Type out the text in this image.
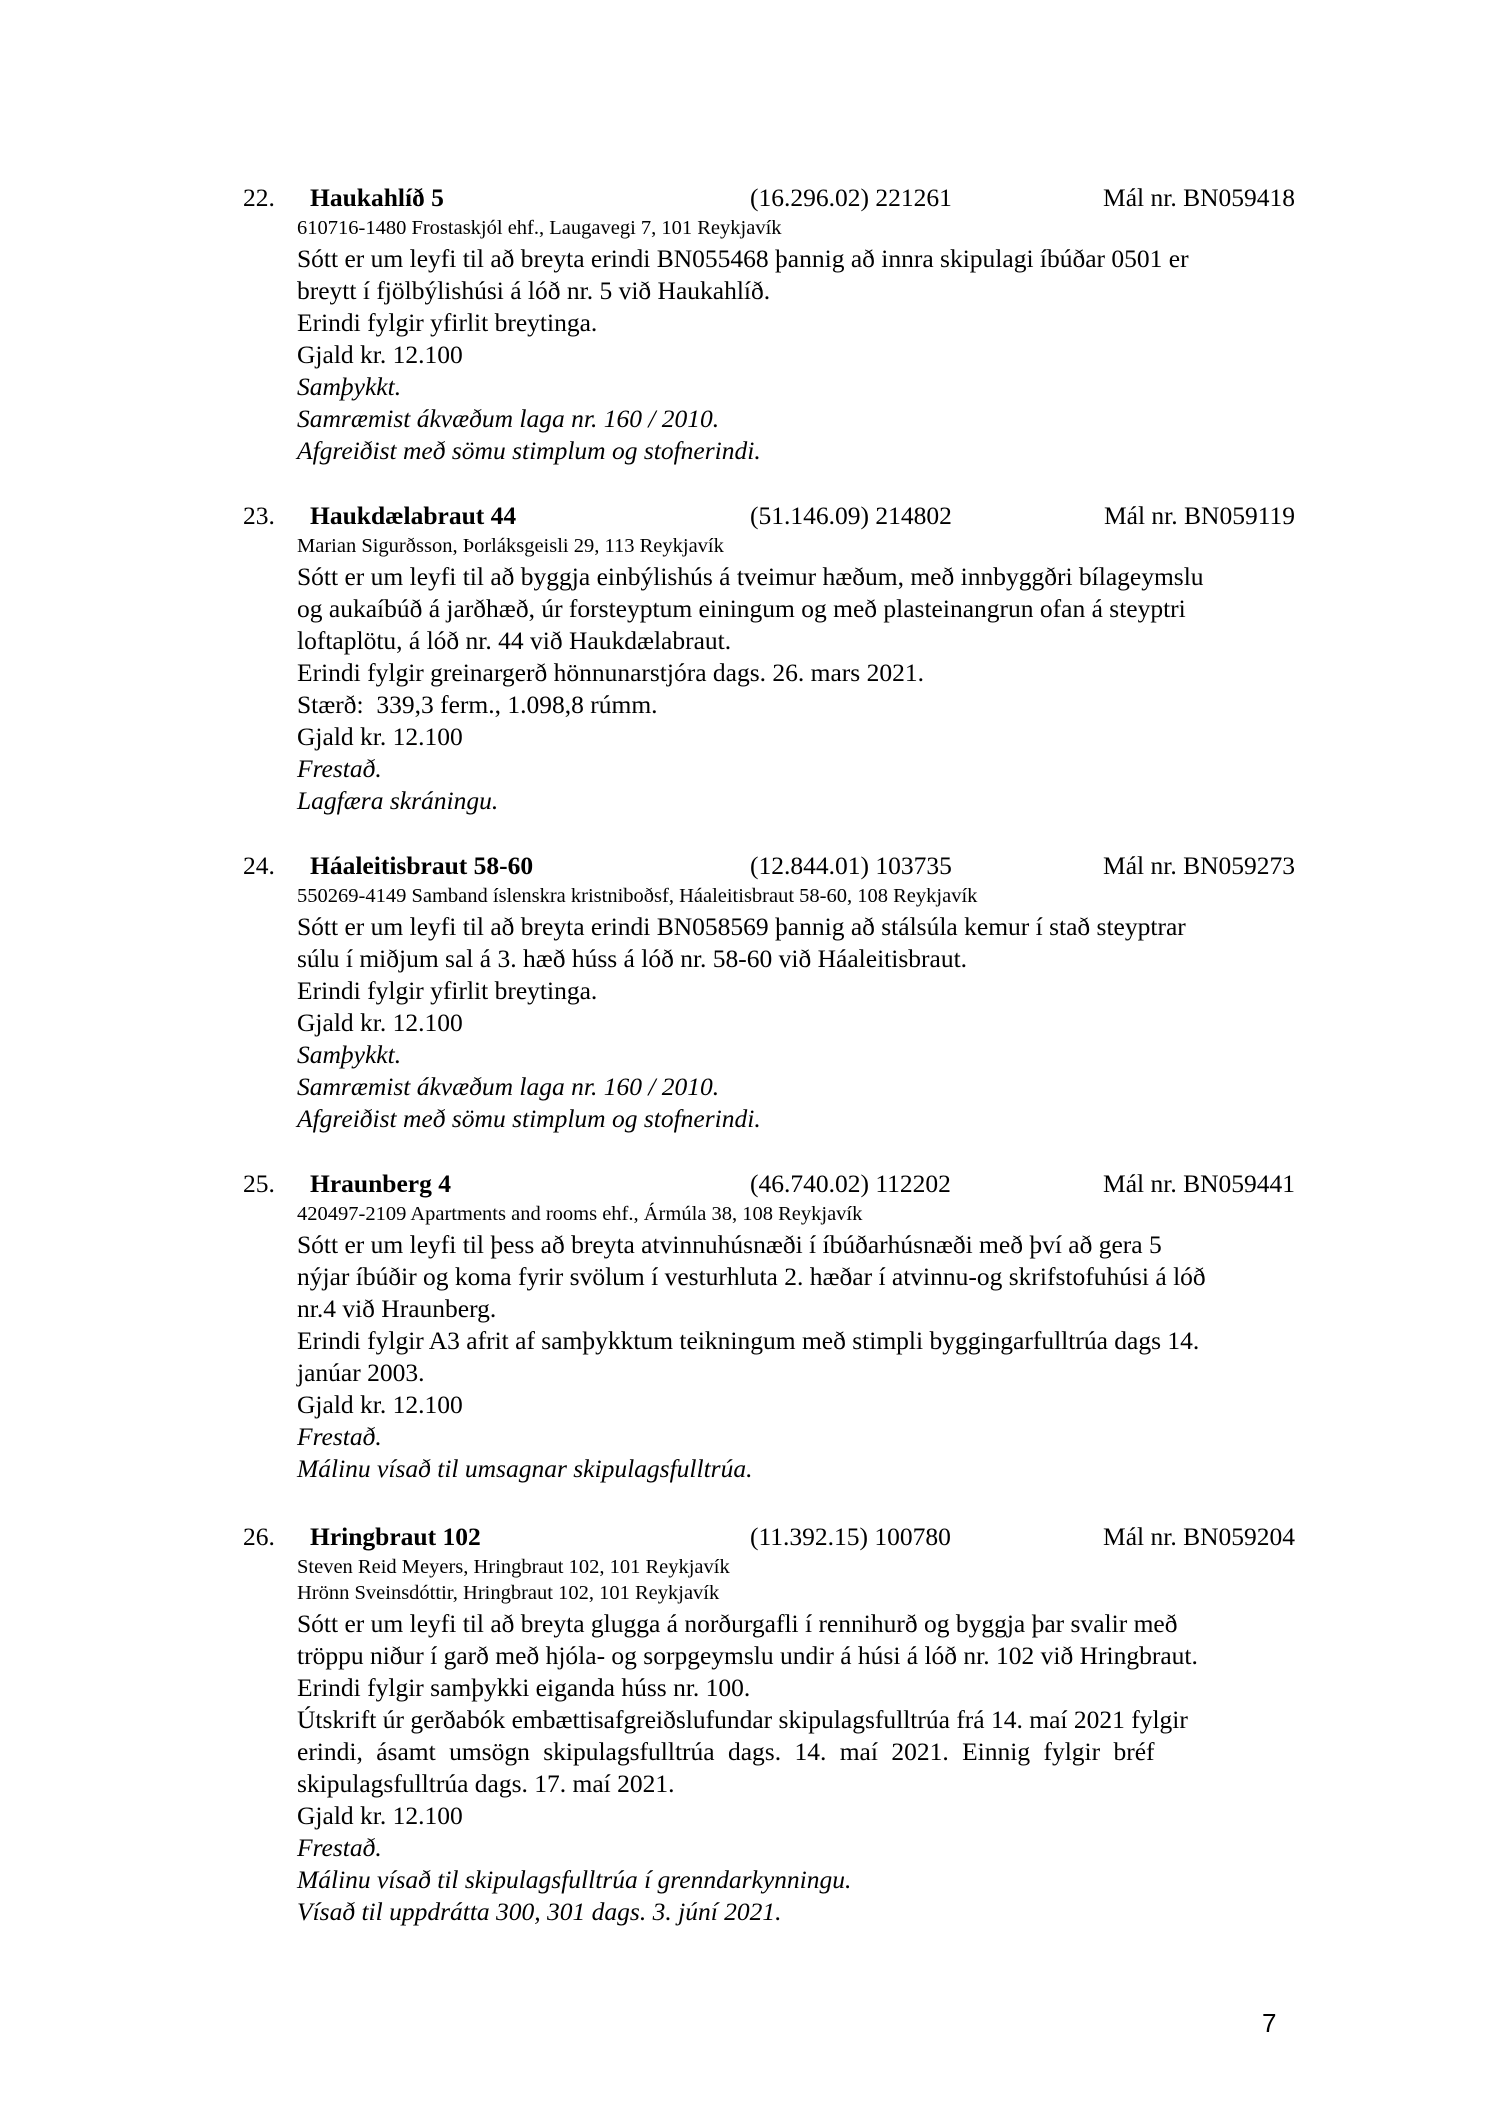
22. Haukahlíð 5	(16.296.02) 221261	Mál nr. BN059418
610716-1480 Frostaskjól ehf., Laugavegi 7, 101 Reykjavík
Sótt er um leyfi til að breyta erindi BN055468 þannig að innra skipulagi íbúðar 0501 er
breytt í fjölbýlishúsi á lóð nr. 5 við Haukahlíð.
Erindi fylgir yfirlit breytinga.
Gjald kr. 12.100
Samþykkt.
Samræmist ákvæðum laga nr. 160 / 2010.
Afgreiðist með sömu stimplum og stofnerindi.
23. Haukdælabraut 44	(51.146.09) 214802	Mál nr. BN059119
Marian Sigurðsson, Þorláksgeisli 29, 113 Reykjavík
Sótt er um leyfi til að byggja einbýlishús á tveimur hæðum, með innbyggðri bílageymslu
og aukaíbúð á jarðhæð, úr forsteyptum einingum og með plasteinangrun ofan á steyptri
loftaplötu, á lóð nr. 44 við Haukdælabraut.
Erindi fylgir greinargerð hönnunarstjóra dags. 26. mars 2021.
Stærð:  339,3 ferm., 1.098,8 rúmm.
Gjald kr. 12.100
Frestað.
Lagfæra skráningu.
24. Háaleitisbraut 58-60	(12.844.01) 103735	Mál nr. BN059273
550269-4149 Samband íslenskra kristniboðsf, Háaleitisbraut 58-60, 108 Reykjavík
Sótt er um leyfi til að breyta erindi BN058569 þannig að stálsúla kemur í stað steyptrar
súlu í miðjum sal á 3. hæð húss á lóð nr. 58-60 við Háaleitisbraut.
Erindi fylgir yfirlit breytinga.
Gjald kr. 12.100
Samþykkt.
Samræmist ákvæðum laga nr. 160 / 2010.
Afgreiðist með sömu stimplum og stofnerindi.
25. Hraunberg 4	(46.740.02) 112202	Mál nr. BN059441
420497-2109 Apartments and rooms ehf., Ármúla 38, 108 Reykjavík
Sótt er um leyfi til þess að breyta atvinnuhúsnæði í íbúðarhúsnæði með því að gera 5
nýjar íbúðir og koma fyrir svölum í vesturhluta 2. hæðar í atvinnu-og skrifstofuhúsi á lóð
nr.4 við Hraunberg.
Erindi fylgir A3 afrit af samþykktum teikningum með stimpli byggingarfulltrúa dags 14.
janúar 2003.
Gjald kr. 12.100
Frestað.
Málinu vísað til umsagnar skipulagsfulltrúa.
26. Hringbraut 102	(11.392.15) 100780	Mál nr. BN059204
Steven Reid Meyers, Hringbraut 102, 101 Reykjavík
Hrönn Sveinsdóttir, Hringbraut 102, 101 Reykjavík
Sótt er um leyfi til að breyta glugga á norðurgafli í rennihurð og byggja þar svalir með
tröppu niður í garð með hjóla- og sorpgeymslu undir á húsi á lóð nr. 102 við Hringbraut.
Erindi fylgir samþykki eiganda húss nr. 100.
Útskrift úr gerðabók embættisafgreiðslufundar skipulagsfulltrúa frá 14. maí 2021 fylgir
erindi, ásamt umsögn skipulagsfulltrúa dags. 14. maí 2021. Einnig fylgir bréf
skipulagsfulltrúa dags. 17. maí 2021.
Gjald kr. 12.100
Frestað.
Málinu vísað til skipulagsfulltrúa í grenndarkynningu.
Vísað til uppdrátta 300, 301 dags. 3. júní 2021.
7
